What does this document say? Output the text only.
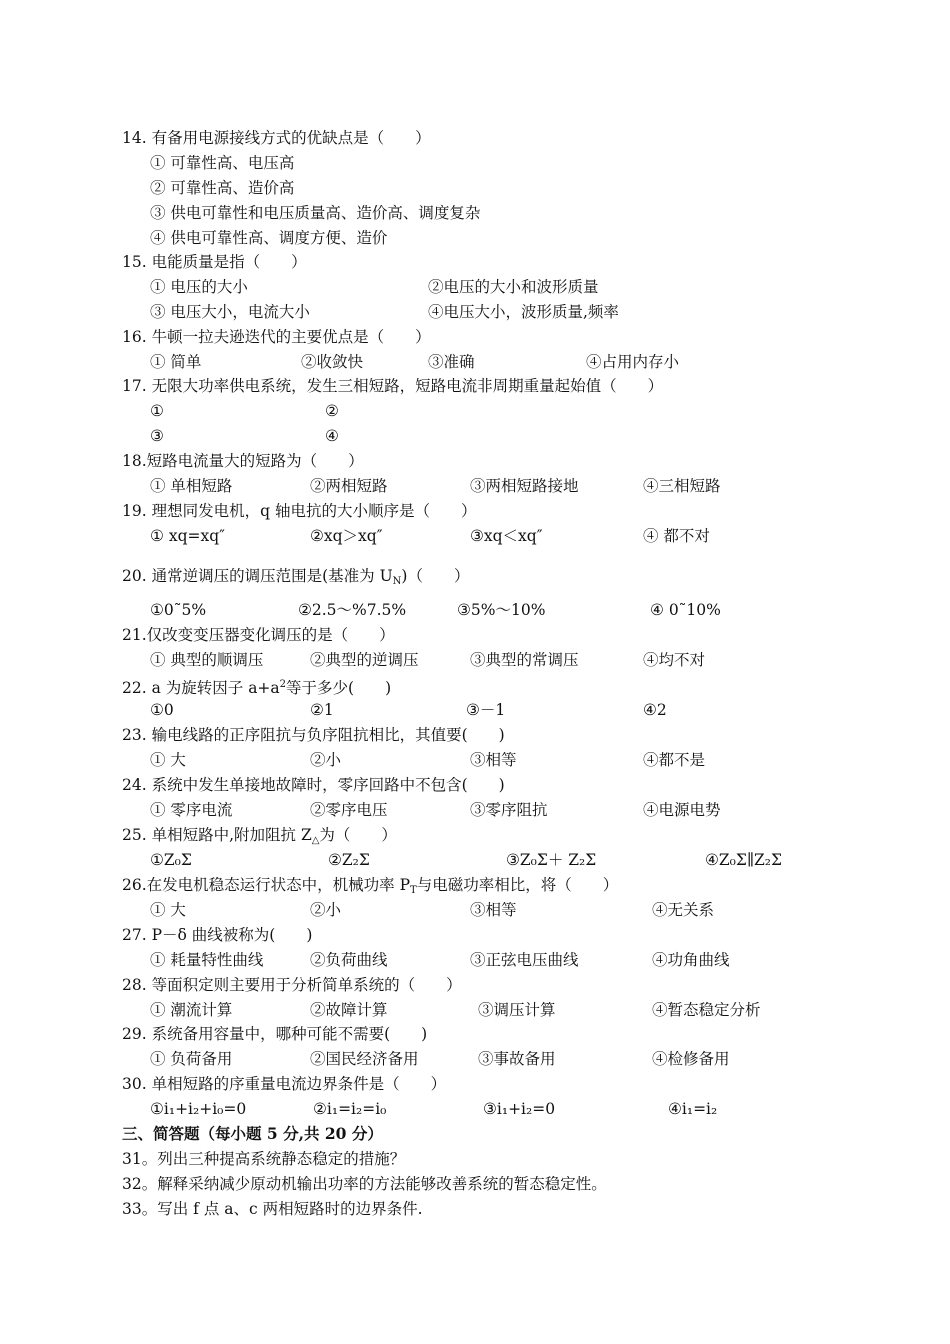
14. 有备用电源接线方式的优缺点是（　　）
① 可靠性高、电压高
② 可靠性高、造价高
③ 供电可靠性和电压质量高、造价高、调度复杂
④ 供电可靠性高、调度方便、造价
15. 电能质量是指（　　）
① 电压的大小	②电压的大小和波形质量
③ 电压大小，电流大小	④电压大小，波形质量,频率
16. 牛顿一拉夫逊迭代的主要优点是（　　）
① 简单	②收敛快	③准确	④占用内存小
17. 无限大功率供电系统，发生三相短路，短路电流非周期重量起始值（　　）
①	②
③	④
18.短路电流量大的短路为（　　）
① 单相短路	②两相短路	③两相短路接地	④三相短路
19. 理想同发电机，q 轴电抗的大小顺序是（　　）
① xq=xq″	②xq＞xq″	③xq＜xq″	④ 都不对
20. 通常逆调压的调压范围是(基准为 $U_N$)（　　）
①0˜5%	②2.5～%7.5%	③5%～10%	④ 0˜10%
21.仅改变变压器变化调压的是（　　）
① 典型的顺调压	②典型的逆调压	③典型的常调压	④均不对
22. a 为旋转因子 $a+a^2$等于多少(　　)
①0	②1	③－1	④2
23. 输电线路的正序阻抗与负序阻抗相比，其值要(　　)
① 大	②小	③相等	④都不是
24. 系统中发生单接地故障时，零序回路中不包含(　　)
① 零序电流	②零序电压	③零序阻抗	④电源电势
25. 单相短路中,附加阻抗 $Z_\triangle$为（　　）
①Z₀Σ	②Z₂Σ	③Z₀Σ＋ Z₂Σ	④Z₀Σ∥Z₂Σ
26.在发电机稳态运行状态中，机械功率 $P_T$与电磁功率相比，将（　　）
① 大	②小	③相等	④无关系
27. P－δ 曲线被称为(　　)
① 耗量特性曲线	②负荷曲线	③正弦电压曲线	④功角曲线
28. 等面积定则主要用于分析简单系统的（　　）
① 潮流计算	②故障计算	③调压计算	④暂态稳定分析
29. 系统备用容量中，哪种可能不需要(　　)
① 负荷备用	②国民经济备用	③事故备用	④检修备用
30. 单相短路的序重量电流边界条件是（　　）
①i₁+i₂+i₀=0	②i₁=i₂=i₀	③i₁+i₂=0	④i₁=i₂
三、简答题（每小题 5 分,共 20 分）
31。列出三种提高系统静态稳定的措施？
32。解释采纳减少原动机输出功率的方法能够改善系统的暂态稳定性。
33。写出 f 点 a、c 两相短路时的边界条件.
